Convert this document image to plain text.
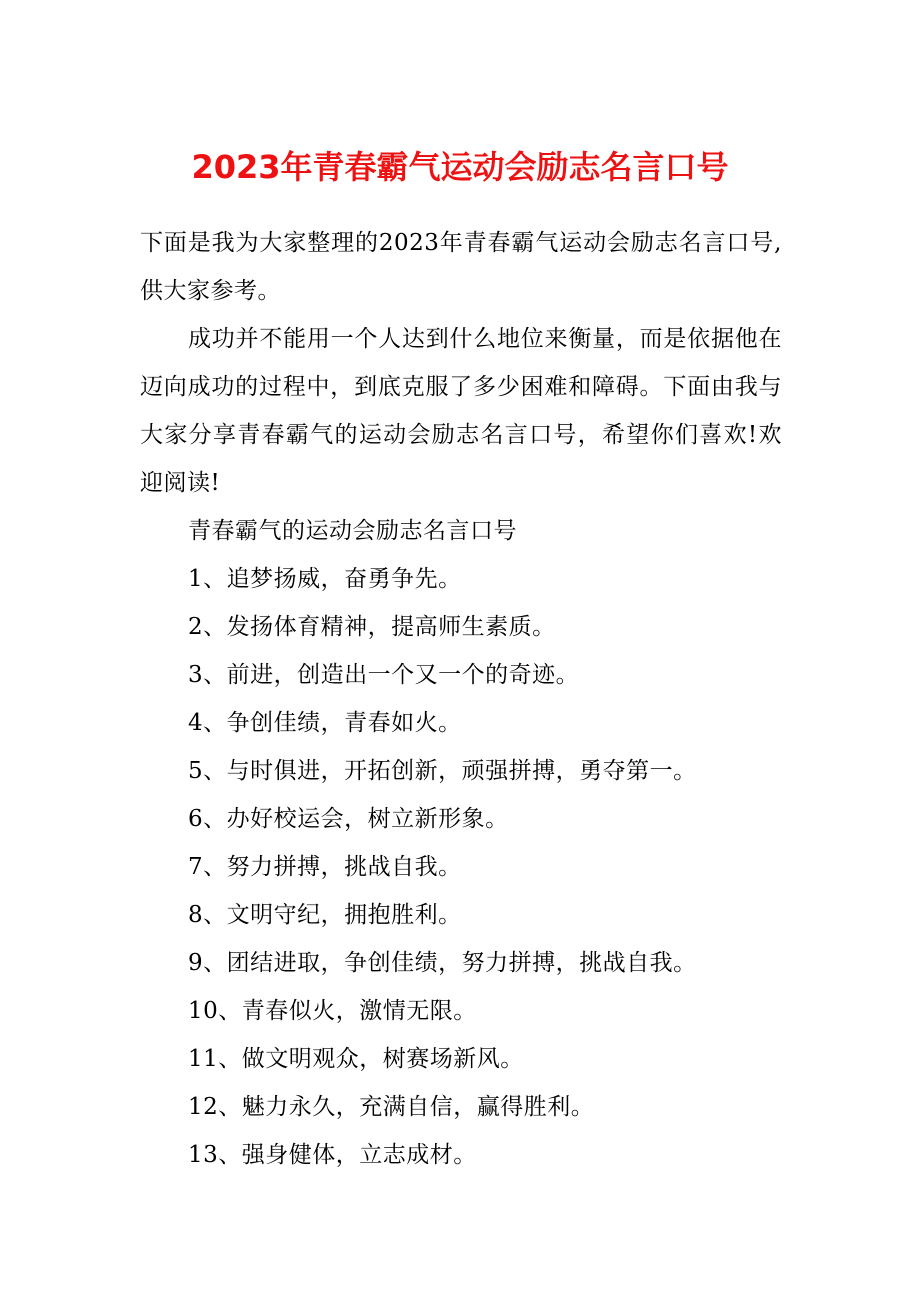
2023年青春霸气运动会励志名言口号

下面是我为大家整理的2023年青春霸气运动会励志名言口号,供大家参考。

成功并不能用一个人达到什么地位来衡量，而是依据他在迈向成功的过程中，到底克服了多少困难和障碍。下面由我与大家分享青春霸气的运动会励志名言口号，希望你们喜欢!欢迎阅读!

青春霸气的运动会励志名言口号

1、追梦扬威，奋勇争先。
2、发扬体育精神，提高师生素质。
3、前进，创造出一个又一个的奇迹。
4、争创佳绩，青春如火。
5、与时俱进，开拓创新，顽强拼搏，勇夺第一。
6、办好校运会，树立新形象。
7、努力拼搏，挑战自我。
8、文明守纪，拥抱胜利。
9、团结进取，争创佳绩，努力拼搏，挑战自我。
10、青春似火，激情无限。
11、做文明观众，树赛场新风。
12、魅力永久，充满自信，赢得胜利。
13、强身健体，立志成材。
